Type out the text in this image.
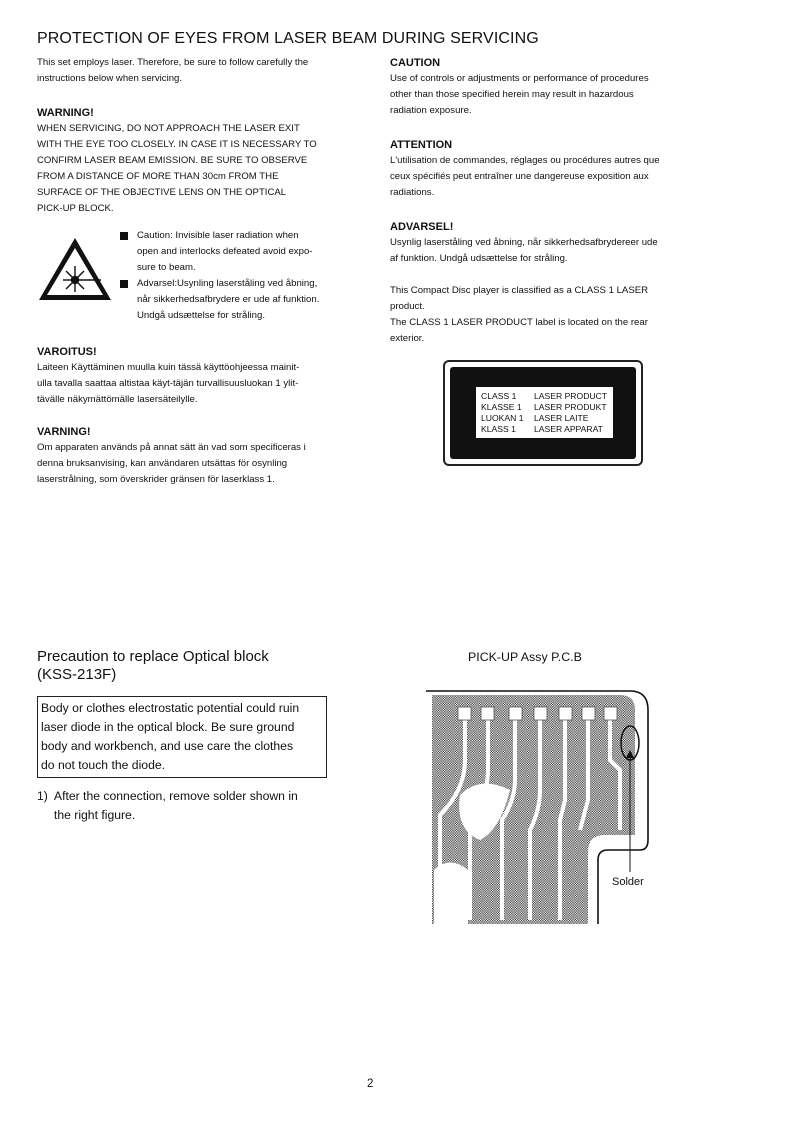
PROTECTION OF EYES FROM LASER BEAM DURING SERVICING
This set employs laser. Therefore, be sure to follow carefully the
instructions below when servicing.
WARNING!
WHEN SERVICING, DO NOT APPROACH THE LASER EXIT
WITH THE EYE TOO CLOSELY. IN CASE IT IS NECESSARY TO
CONFIRM LASER BEAM EMISSION. BE SURE TO OBSERVE
FROM A DISTANCE OF MORE THAN 30cm FROM THE
SURFACE OF THE OBJECTIVE LENS ON THE OPTICAL
PICK-UP BLOCK.
Caution: Invisible laser radiation when
open and interlocks defeated avoid expo-
sure to beam.
Advarsel:Usynling laserståling ved åbning,
når sikkerhedsafbrydere er ude af funktion.
Undgå udsættelse for stråling.
VAROITUS!
Laiteen Käyttäminen muulla kuin tässä käyttöohjeessa mainit-
ulla tavalla saattaa altistaa käyt-täjän turvallisuusluokan 1 ylit-
tävälle näkymättömälle lasersäteilylle.
VARNING!
Om apparaten används på annat sätt än vad som specificeras i
denna bruksanvising, kan användaren utsättas för osynling
laserstrålning, som överskrider gränsen för laserklass 1.
CAUTION
Use of controls or adjustments or performance of procedures
other than those specified herein may result in hazardous
radiation exposure.
ATTENTION
L'utilisation de commandes, réglages ou procédures autres que
ceux spécifiés peut entraîner une dangereuse exposition aux
radiations.
ADVARSEL!
Usynlig laserståling ved åbning, når sikkerhedsafbrydereer ude
af funktion. Undgå udsættelse for stråling.
This Compact Disc player is classified as a CLASS 1 LASER
product.
The CLASS 1 LASER PRODUCT label is located on the rear
exterior.
CLASS 1	LASER PRODUCT
KLASSE 1	LASER PRODUKT
LUOKAN 1	LASER LAITE
KLASS 1	LASER APPARAT
Precaution to replace Optical block
(KSS-213F)
Body or clothes electrostatic potential could ruin
laser diode in the optical block. Be sure ground
body and workbench, and use care the clothes
do not touch the diode.
1)  After the connection, remove solder shown in
the right figure.
PICK-UP Assy P.C.B
Solder
2
